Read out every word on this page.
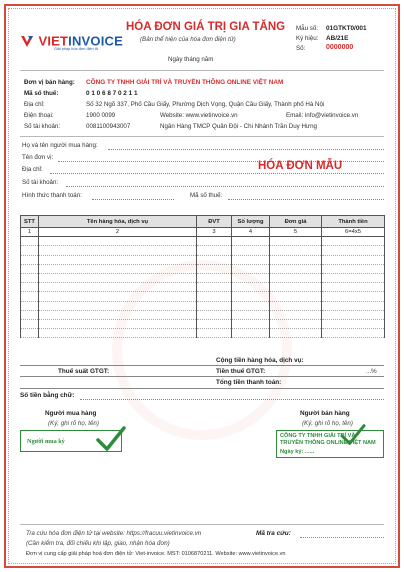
VIETINVOICE
Giải pháp hóa đơn điện tử
HÓA ĐƠN GIÁ TRỊ GIA TĂNG
(Bản thể hiện của hóa đơn điện tử)
Ngày tháng năm
Mẫu số: 01GTKT0/001
Ký hiệu: AB/21E
Số:	0000000
Đơn vị bán hàng: CÔNG TY TNHH GIẢI TRÍ VÀ TRUYỀN THÔNG ONLINE VIỆT NAM
Mã số thuế:	0 1 0 6 8 7 0 2 1 1
Địa chỉ:	Số 32 Ngõ 337, Phố Cầu Giấy, Phường Dịch Vọng, Quận Cầu Giấy, Thành phố Hà Nội
Điện thoại:	1900 0099	Website: www.vietinvoice.vn	Email: info@vietinvoice.vn
Số tài khoản:	0081100943007	Ngân Hàng TMCP Quân Đội - Chi Nhánh Trần Duy Hưng
Họ và tên người mua hàng:
Tên đơn vị:
HÓA ĐƠN MẪU
Địa chỉ:
Số tài khoản:
Hình thức thanh toán:	Mã số thuế:
STT	Tên hàng hóa, dịch vụ	ĐVT	Số lượng	Đơn giá	Thành tiền
1	2	3	4	5	6=4x5

Cộng tiền hàng hóa, dịch vụ:
Thuế suất GTGT:	Tiền thuế GTGT:	...%
Tổng tiền thanh toán:
Số tiền bằng chữ:
Người mua hàng
(Ký, ghi rõ họ, tên)
Người mua ký
Người bán hàng
(Ký, ghi rõ họ, tên)
CÔNG TY TNHH GIẢI TRÍ VÀ
TRUYỀN THÔNG ONLINE VIỆT NAM
Ngày ký: ......
Tra cứu hóa đơn điện tử tại website: https://fracuu.vietinvoice.vn	Mã tra cứu:
(Cần kiểm tra, đối chiếu khi lập, giao, nhận hóa đơn)
Đơn vị cung cấp giải pháp hoá đơn điện tử: Viet-invoice. MST: 0106870211. Website: www.vietinvoice.vn
